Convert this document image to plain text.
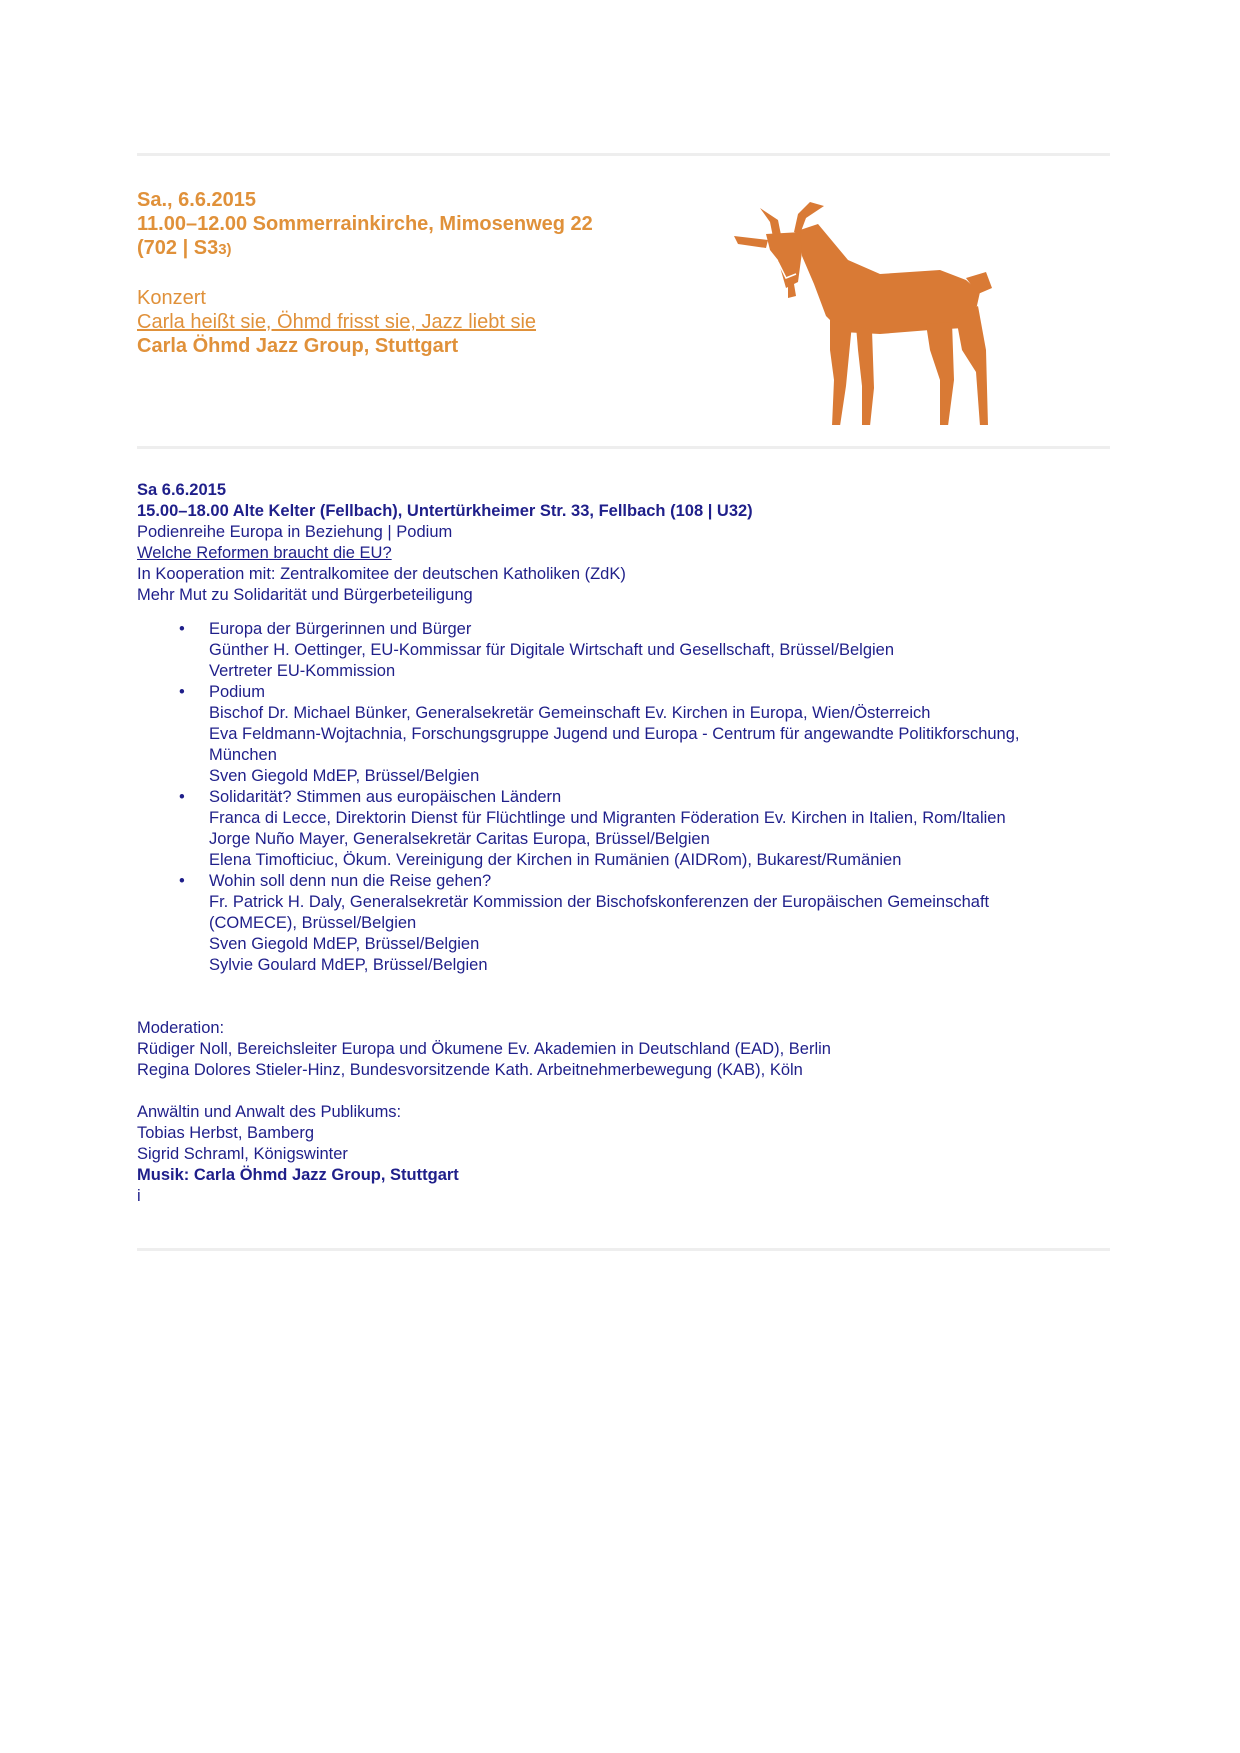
Sa., 6.6.2015
11.00–12.00 Sommerrainkirche, Mimosenweg 22
(702 | S33)
Konzert
Carla heißt sie, Öhmd frisst sie, Jazz liebt sie
Carla Öhmd Jazz Group, Stuttgart
Sa 6.6.2015
15.00–18.00 Alte Kelter (Fellbach), Untertürkheimer Str. 33, Fellbach (108 | U32)
Podienreihe Europa in Beziehung | Podium
Welche Reformen braucht die EU?
In Kooperation mit: Zentralkomitee der deutschen Katholiken (ZdK)
Mehr Mut zu Solidarität und Bürgerbeteiligung
• Europa der Bürgerinnen und Bürger
Günther H. Oettinger, EU-Kommissar für Digitale Wirtschaft und Gesellschaft, Brüssel/Belgien
Vertreter EU-Kommission
• Podium
Bischof Dr. Michael Bünker, Generalsekretär Gemeinschaft Ev. Kirchen in Europa, Wien/Österreich
Eva Feldmann-Wojtachnia, Forschungsgruppe Jugend und Europa - Centrum für angewandte Politikforschung,
München
Sven Giegold MdEP, Brüssel/Belgien
• Solidarität? Stimmen aus europäischen Ländern
Franca di Lecce, Direktorin Dienst für Flüchtlinge und Migranten Föderation Ev. Kirchen in Italien, Rom/Italien
Jorge Nuño Mayer, Generalsekretär Caritas Europa, Brüssel/Belgien
Elena Timofticiuc, Ökum. Vereinigung der Kirchen in Rumänien (AIDRom), Bukarest/Rumänien
• Wohin soll denn nun die Reise gehen?
Fr. Patrick H. Daly, Generalsekretär Kommission der Bischofskonferenzen der Europäischen Gemeinschaft
(COMECE), Brüssel/Belgien
Sven Giegold MdEP, Brüssel/Belgien
Sylvie Goulard MdEP, Brüssel/Belgien
Moderation:
Rüdiger Noll, Bereichsleiter Europa und Ökumene Ev. Akademien in Deutschland (EAD), Berlin
Regina Dolores Stieler-Hinz, Bundesvorsitzende Kath. Arbeitnehmerbewegung (KAB), Köln
Anwältin und Anwalt des Publikums:
Tobias Herbst, Bamberg
Sigrid Schraml, Königswinter
Musik: Carla Öhmd Jazz Group, Stuttgart
i
